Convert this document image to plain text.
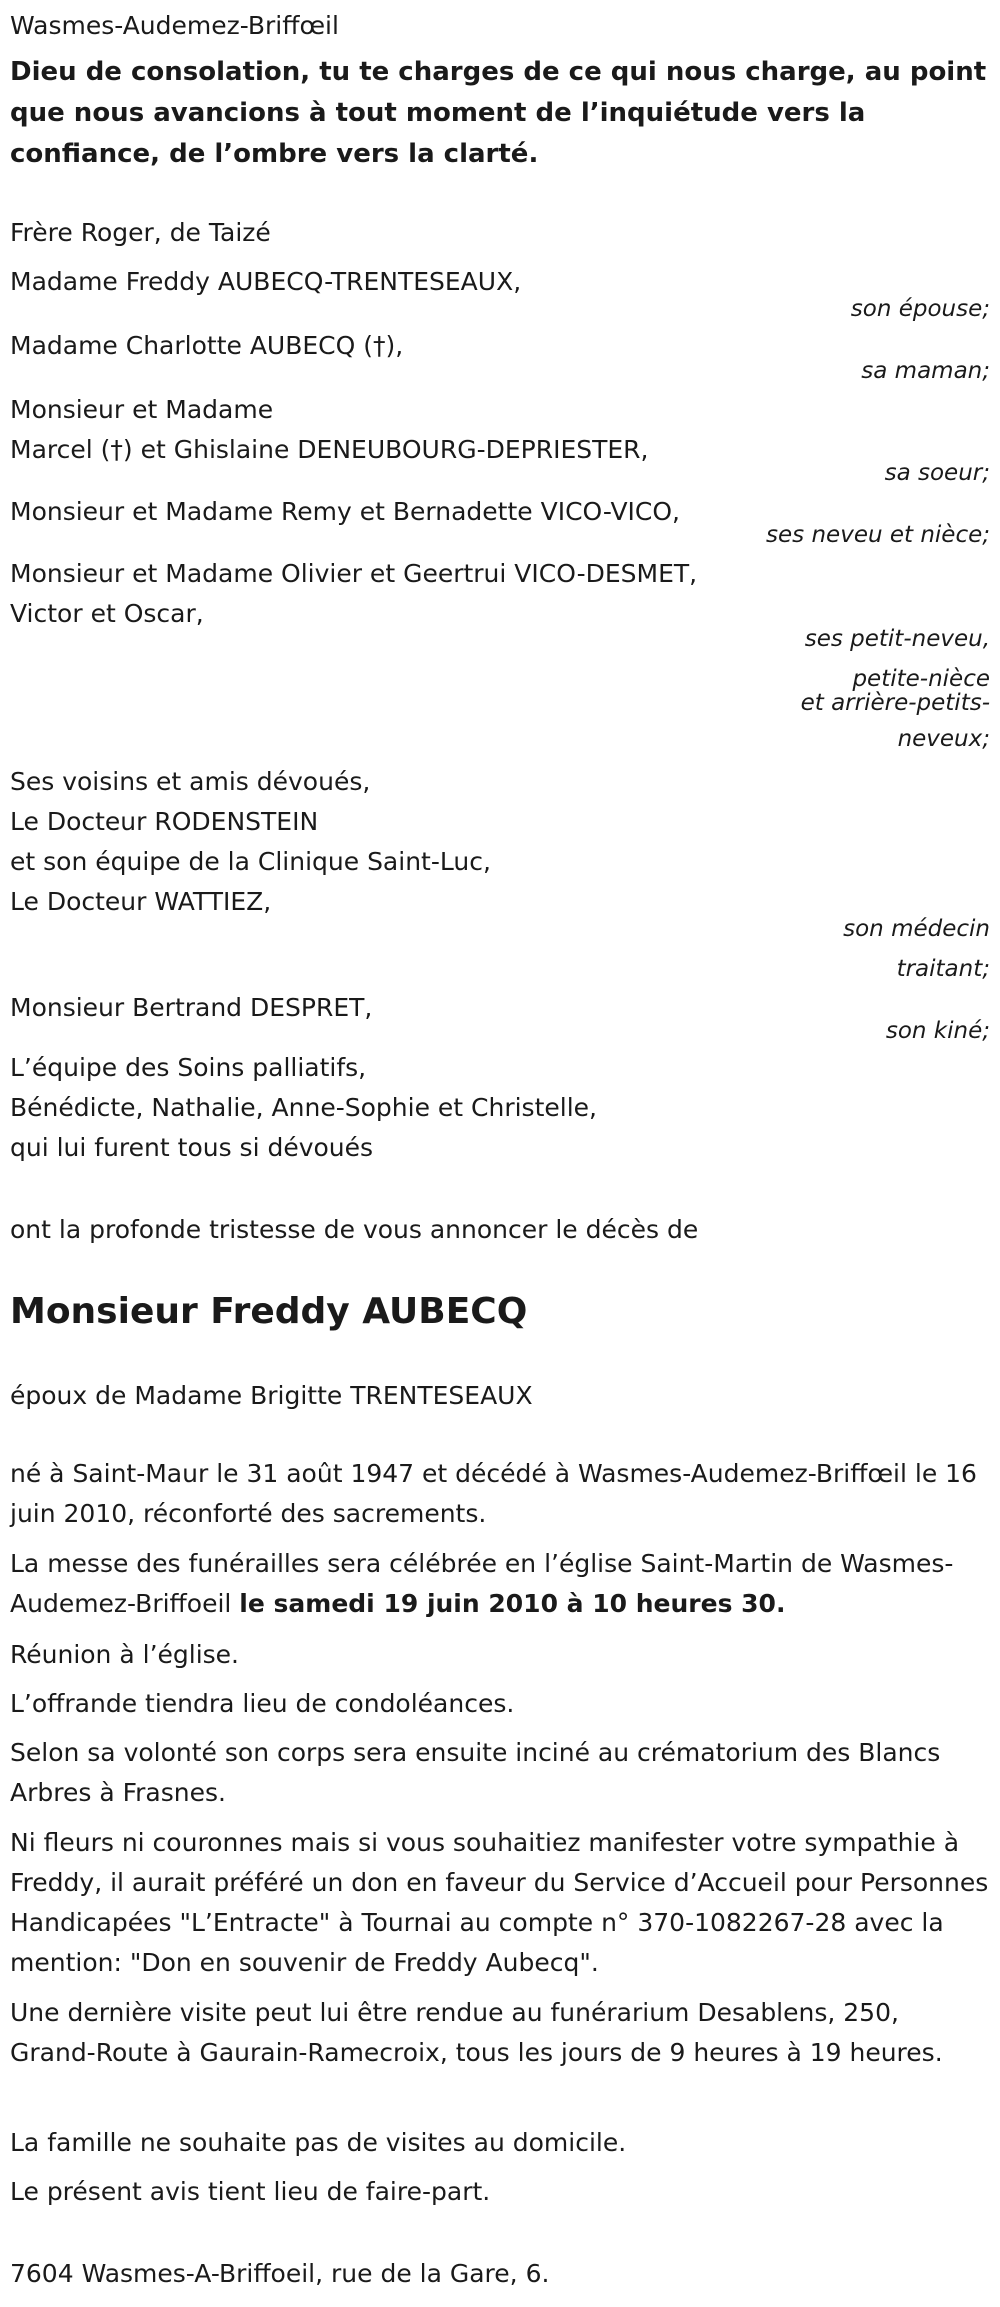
Wasmes-Audemez-Briffœil
Dieu de consolation, tu te charges de ce qui nous charge, au point que nous avancions à tout moment de l’inquiétude vers la confiance, de l’ombre vers la clarté.
Frère Roger, de Taizé
Madame Freddy AUBECQ-TRENTESEAUX,
son épouse;
Madame Charlotte AUBECQ (†),
sa maman;
Monsieur et Madame
Marcel (†) et Ghislaine DENEUBOURG-DEPRIESTER,
sa soeur;
Monsieur et Madame Remy et Bernadette VICO-VICO,
ses neveu et nièce;
Monsieur et Madame Olivier et Geertrui VICO-DESMET,
Victor et Oscar,
ses petit-neveu,
petite-nièce
et arrière-petits-
neveux;
Ses voisins et amis dévoués,
Le Docteur RODENSTEIN
et son équipe de la Clinique Saint-Luc,
Le Docteur WATTIEZ,
son médecin
traitant;
Monsieur Bertrand DESPRET,
son kiné;
L’équipe des Soins palliatifs,
Bénédicte, Nathalie, Anne-Sophie et Christelle,
qui lui furent tous si dévoués
ont la profonde tristesse de vous annoncer le décès de
Monsieur Freddy AUBECQ
époux de Madame Brigitte TRENTESEAUX
né à Saint-Maur le 31 août 1947 et décédé à Wasmes-Audemez-Briffœil le 16 juin 2010, réconforté des sacrements.
La messe des funérailles sera célébrée en l’église Saint-Martin de Wasmes-Audemez-Briffoeil le samedi 19 juin 2010 à 10 heures 30.
Réunion à l’église.
L’offrande tiendra lieu de condoléances.
Selon sa volonté son corps sera ensuite inciné au crématorium des Blancs Arbres à Frasnes.
Ni fleurs ni couronnes mais si vous souhaitiez manifester votre sympathie à Freddy, il aurait préféré un don en faveur du Service d’Accueil pour Personnes Handicapées "L’Entracte" à Tournai au compte n° 370-1082267-28 avec la mention: "Don en souvenir de Freddy Aubecq".
Une dernière visite peut lui être rendue au funérarium Desablens, 250, Grand-Route à Gaurain-Ramecroix, tous les jours de 9 heures à 19 heures.
La famille ne souhaite pas de visites au domicile.
Le présent avis tient lieu de faire-part.
7604 Wasmes-A-Briffoeil, rue de la Gare, 6.
